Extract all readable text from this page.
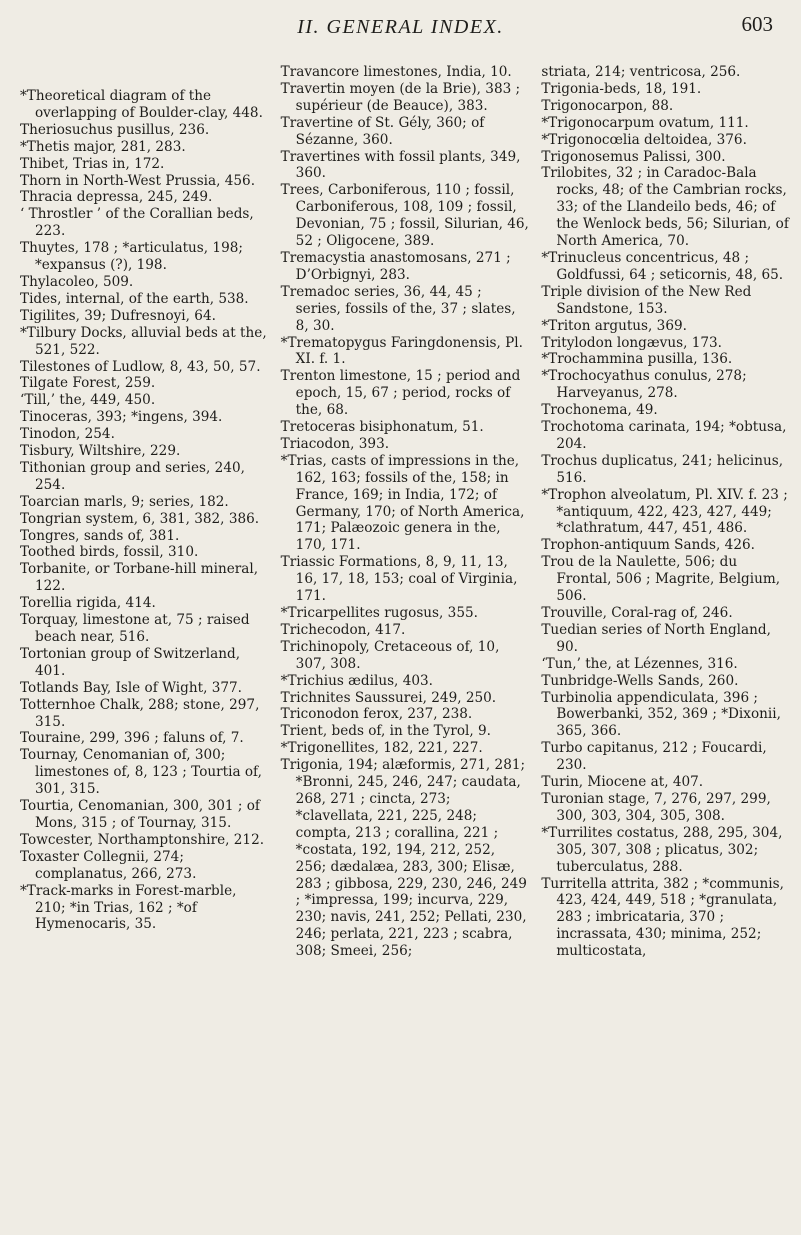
II. GENERAL INDEX.	603

*Theoretical diagram of the overlapping of Boulder-clay, 448.

Theriosuchus pusillus, 236.

*Thetis major, 281, 283.

Thibet, Trias in, 172.

Thorn in North-West Prussia, 456.

Thracia depressa, 245, 249.

‘ Throstler ’ of the Corallian beds, 223.

Thuytes, 178 ; *articulatus, 198; *expansus (?), 198.

Thylacoleo, 509.

Tides, internal, of the earth, 538.

Tigilites, 39; Dufresnoyi, 64.

*Tilbury Docks, alluvial beds at the, 521, 522.

Tilestones of Ludlow, 8, 43, 50, 57.

Tilgate Forest, 259.

‘Till,’ the, 449, 450.

Tinoceras, 393; *ingens, 394.

Tinodon, 254.

Tisbury, Wiltshire, 229.

Tithonian group and series, 240, 254.

Toarcian marls, 9; series, 182.

Tongrian system, 6, 381, 382, 386.

Tongres, sands of, 381.

Toothed birds, fossil, 310.

Torbanite, or Torbane-hill mineral, 122.

Torellia rigida, 414.

Torquay, limestone at, 75 ; raised beach near, 516.

Tortonian group of Switzerland, 401.

Totlands Bay, Isle of Wight, 377.

Totternhoe Chalk, 288; stone, 297, 315.

Touraine, 299, 396 ; faluns of, 7.

Tournay, Cenomanian of, 300; limestones of, 8, 123 ; Tourtia of, 301, 315.

Tourtia, Cenomanian, 300, 301 ; of Mons, 315 ; of Tournay, 315.

Towcester, Northamptonshire, 212.

Toxaster Collegnii, 274; complanatus, 266, 273.

*Track-marks in Forest-marble, 210; *in Trias, 162 ; *of Hymenocaris, 35.

Travancore limestones, India, 10.

Travertin moyen (de la Brie), 383 ; supérieur (de Beauce), 383.

Travertine of St. Gély, 360; of Sézanne, 360.

Travertines with fossil plants, 349, 360.

Trees, Carboniferous, 110 ; fossil, Carboniferous, 108, 109 ; fossil, Devonian, 75 ; fossil, Silurian, 46, 52 ; Oligocene, 389.

Tremacystia anastomosans, 271 ; D’Orbignyi, 283.

Tremadoc series, 36, 44, 45 ; series, fossils of the, 37 ; slates, 8, 30.

*Trematopygus Faringdonensis, Pl. XI. f. 1.

Trenton limestone, 15 ; period and epoch, 15, 67 ; period, rocks of the, 68.

Tretoceras bisiphonatum, 51.

Triacodon, 393.

*Trias, casts of impressions in the, 162, 163; fossils of the, 158; in France, 169; in India, 172; of Germany, 170; of North America, 171; Palæozoic genera in the, 170, 171.

Triassic Formations, 8, 9, 11, 13, 16, 17, 18, 153; coal of Virginia, 171.

*Tricarpellites rugosus, 355.

Trichecodon, 417.

Trichinopoly, Cretaceous of, 10, 307, 308.

*Trichius ædilus, 403.

Trichnites Saussurei, 249, 250.

Triconodon ferox, 237, 238.

Trient, beds of, in the Tyrol, 9.

*Trigonellites, 182, 221, 227.

Trigonia, 194; alæformis, 271, 281; *Bronni, 245, 246, 247; caudata, 268, 271 ; cincta, 273; *clavellata, 221, 225, 248; compta, 213 ; corallina, 221 ; *costata, 192, 194, 212, 252, 256; dædalæa, 283, 300; Elisæ, 283 ; gibbosa, 229, 230, 246, 249 ; *impressa, 199; incurva, 229, 230; navis, 241, 252; Pellati, 230, 246; perlata, 221, 223 ; scabra, 308; Smeei, 256;

striata, 214; ventricosa, 256.

Trigonia-beds, 18, 191.

Trigonocarpon, 88.

*Trigonocarpum ovatum, 111.

*Trigonocœlia deltoidea, 376.

Trigonosemus Palissi, 300.

Trilobites, 32 ; in Caradoc-Bala rocks, 48; of the Cambrian rocks, 33; of the Llandeilo beds, 46; of the Wenlock beds, 56; Silurian, of North America, 70.

*Trinucleus concentricus, 48 ; Goldfussi, 64 ; seticornis, 48, 65.

Triple division of the New Red Sandstone, 153.

*Triton argutus, 369.

Tritylodon longævus, 173.

*Trochammina pusilla, 136.

*Trochocyathus conulus, 278; Harveyanus, 278.

Trochonema, 49.

Trochotoma carinata, 194; *obtusa, 204.

Trochus duplicatus, 241; helicinus, 516.

*Trophon alveolatum, Pl. XIV. f. 23 ; *antiquum, 422, 423, 427, 449; *clathratum, 447, 451, 486.

Trophon-antiquum Sands, 426.

Trou de la Naulette, 506; du Frontal, 506 ; Magrite, Belgium, 506.

Trouville, Coral-rag of, 246.

Tuedian series of North England, 90.

‘Tun,’ the, at Lézennes, 316.

Tunbridge-Wells Sands, 260.

Turbinolia appendiculata, 396 ; Bowerbanki, 352, 369 ; *Dixonii, 365, 366.

Turbo capitanus, 212 ; Foucardi, 230.

Turin, Miocene at, 407.

Turonian stage, 7, 276, 297, 299, 300, 303, 304, 305, 308.

*Turrilites costatus, 288, 295, 304, 305, 307, 308 ; plicatus, 302; tuberculatus, 288.

Turritella attrita, 382 ; *communis, 423, 424, 449, 518 ; *granulata, 283 ; imbricataria, 370 ; incrassata, 430; minima, 252; multicostata,
